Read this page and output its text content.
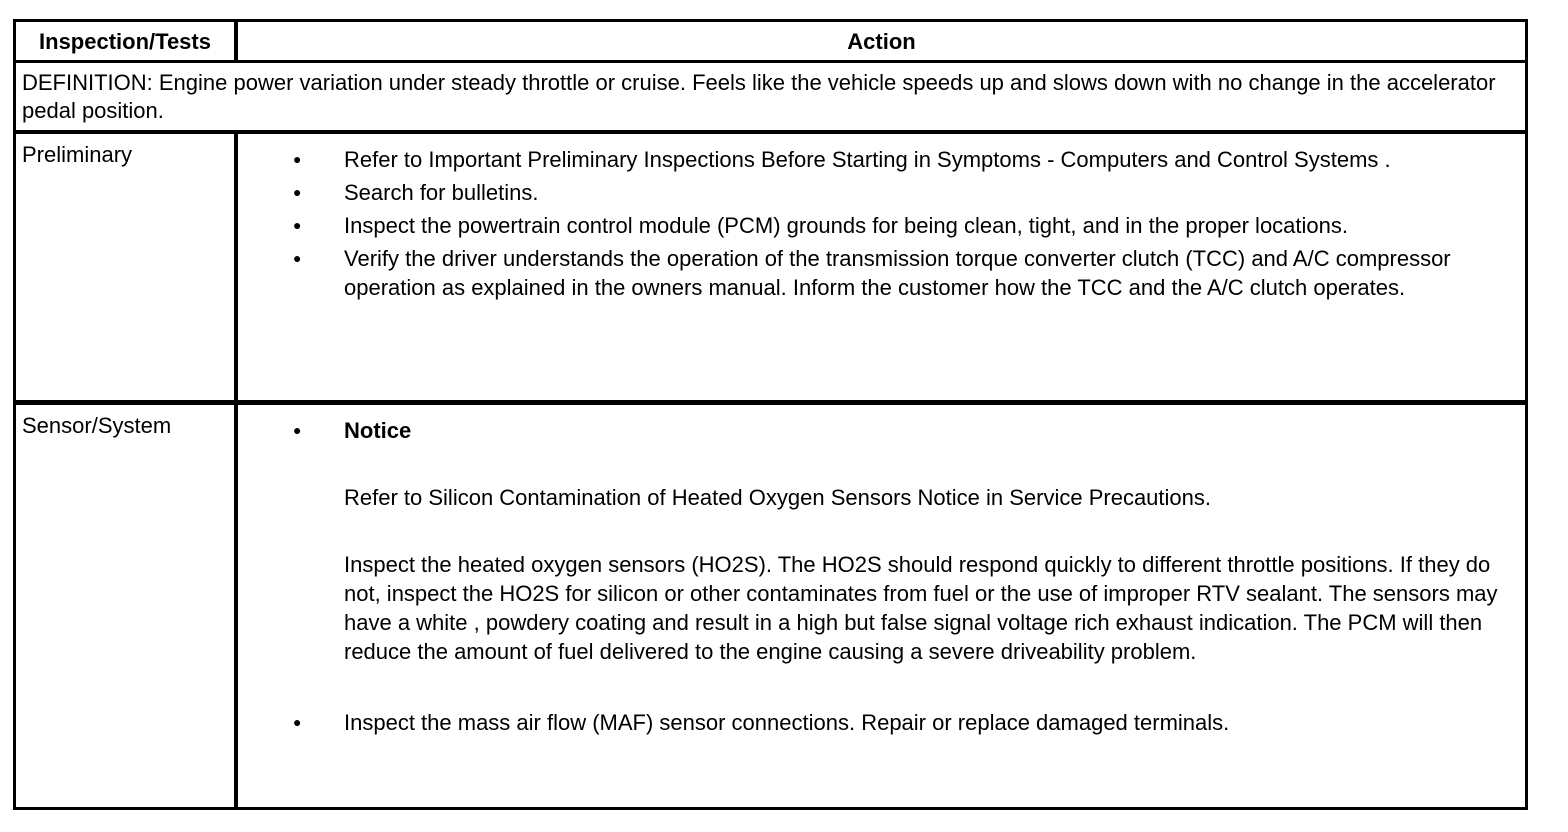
Inspection/Tests	Action
DEFINITION: Engine power variation under steady throttle or cruise. Feels like the vehicle speeds up and slows down with no change in the accelerator pedal position.
Preliminary	●	Refer to Important Preliminary Inspections Before Starting in Symptoms - Computers and Control Systems .
●	Search for bulletins.
●	Inspect the powertrain control module (PCM) grounds for being clean, tight, and in the proper locations.
●	Verify the driver understands the operation of the transmission torque converter clutch (TCC) and A/C compressor operation as explained in the owners manual. Inform the customer how the TCC and the A/C clutch operates.
Sensor/System	●	Notice
Refer to Silicon Contamination of Heated Oxygen Sensors Notice in Service Precautions.
Inspect the heated oxygen sensors (HO2S). The HO2S should respond quickly to different throttle positions. If they do not, inspect the HO2S for silicon or other contaminates from fuel or the use of improper RTV sealant. The sensors may have a white , powdery coating and result in a high but false signal voltage rich exhaust indication. The PCM will then reduce the amount of fuel delivered to the engine causing a severe driveability problem.
●	Inspect the mass air flow (MAF) sensor connections. Repair or replace damaged terminals.
